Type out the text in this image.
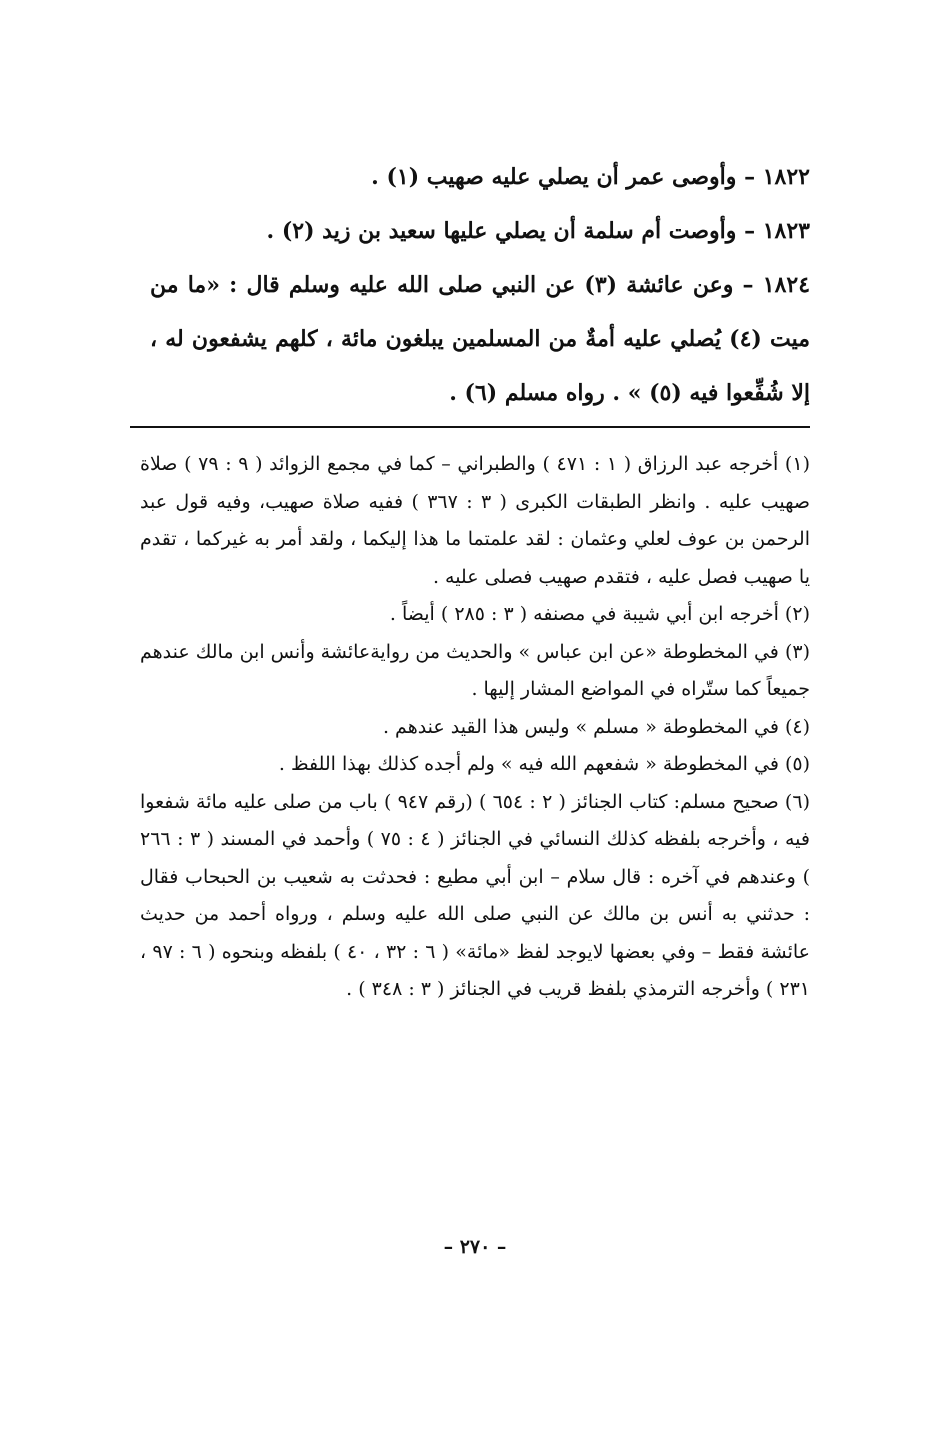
١٨٢٢ – وأوصى عمر أن يصلي عليه صهيب (١) .

١٨٢٣ – وأوصت أم سلمة أن يصلي عليها سعيد بن زيد (٢) .

١٨٢٤ – وعن عائشة (٣) عن النبي صلى الله عليه وسلم قال : «ما من ميت (٤) يُصلي عليه أمةٌ من المسلمين يبلغون مائة ، كلهم يشفعون له ، إلا شُفِّعوا فيه (٥) » . رواه مسلم (٦) .

(١) أخرجه عبد الرزاق ( ١ : ٤٧١ ) والطبراني – كما في مجمع الزوائد ( ٩ : ٧٩ ) صلاة صهيب عليه . وانظر الطبقات الكبرى ( ٣ : ٣٦٧ ) ففيه صلاة صهيب، وفيه قول عبد الرحمن بن عوف لعلي وعثمان : لقد علمتما ما هذا إليكما ، ولقد أمر به غيركما ، تقدم يا صهيب فصل عليه ، فتقدم صهيب فصلى عليه .

(٢) أخرجه ابن أبي شيبة في مصنفه ( ٣ : ٢٨٥ ) أيضاً .

(٣) في المخطوطة «عن ابن عباس » والحديث من روايةعائشة وأنس ابن مالك عندهم جميعاً كما ستّراه في المواضع المشار إليها .

(٤) في المخطوطة « مسلم » وليس هذا القيد عندهم .

(٥) في المخطوطة « شفعهم الله فيه » ولم أجده كذلك بهذا اللفظ .

(٦) صحيح مسلم: كتاب الجنائز ( ٢ : ٦٥٤ ) (رقم ٩٤٧ ) باب من صلى عليه مائة شفعوا فيه ، وأخرجه بلفظه كذلك النسائي في الجنائز ( ٤ : ٧٥ ) وأحمد في المسند ( ٣ : ٢٦٦ ) وعندهم في آخره : قال سلام – ابن أبي مطيع : فحدثت به شعيب بن الحبحاب فقال : حدثني به أنس بن مالك عن النبي صلى الله عليه وسلم ، ورواه أحمد من حديث عائشة فقط – وفي بعضها لايوجد لفظ «مائة» ( ٦ : ٣٢ ، ٤٠ ) بلفظه وبنحوه ( ٦ : ٩٧ ، ٢٣١ ) وأخرجه الترمذي بلفظ قريب في الجنائز ( ٣ : ٣٤٨ ) .

– ٢٧٠ –
